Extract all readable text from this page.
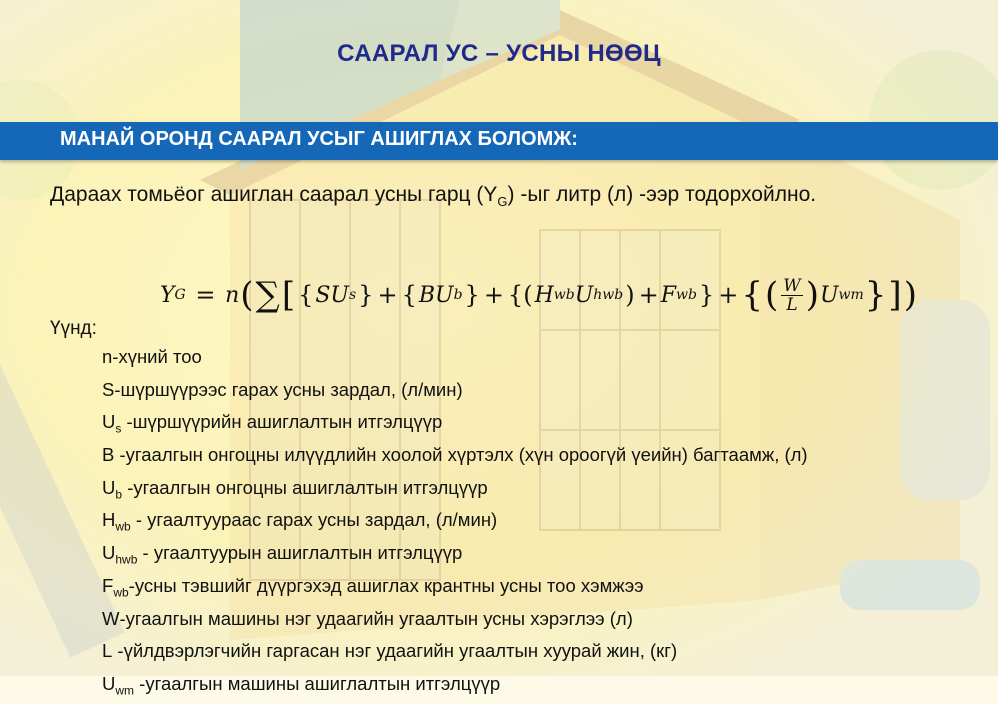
СААРАЛ УС – УСНЫ НӨӨЦ
МАНАЙ ОРОНД СААРАЛ УСЫГ АШИГЛАХ БОЛОМЖ:
Дараах томьёог ашиглан саарал усны гарц $(Y_G)$ -ыг литр (л) -ээр тодорхойлно.
Y G = n ( ∑ [ { SU s } + { BU b } + {( H wb U hwb ) + F wb } + { ( $\frac{W}{L}$ ) U wm } ] )
Үүнд:
n-хүний тоо
S-шүршүүрээс гарах усны зардал, (л/мин)
$U_s$ -шүршүүрийн ашиглалтын итгэлцүүр
B -угаалгын онгоцны илүүдлийн хоолой хүртэлх (хүн ороогүй үеийн) багтаамж, (л)
$U_b$ -угаалгын онгоцны ашиглалтын итгэлцүүр
$H_{wb}$ - угаалтуураас гарах усны зардал, (л/мин)
$U_{hwb}$ - угаалтуурын ашиглалтын итгэлцүүр
$F_{wb}$-усны тэвшийг дүүргэхэд ашиглах крантны усны тоо хэмжээ
W-угаалгын машины нэг удаагийн угаалтын усны хэрэглээ (л)
L -үйлдвэрлэгчийн гаргасан нэг удаагийн угаалтын хуурай жин, (кг)
$U_{wm}$ -угаалгын машины ашиглалтын итгэлцүүр
